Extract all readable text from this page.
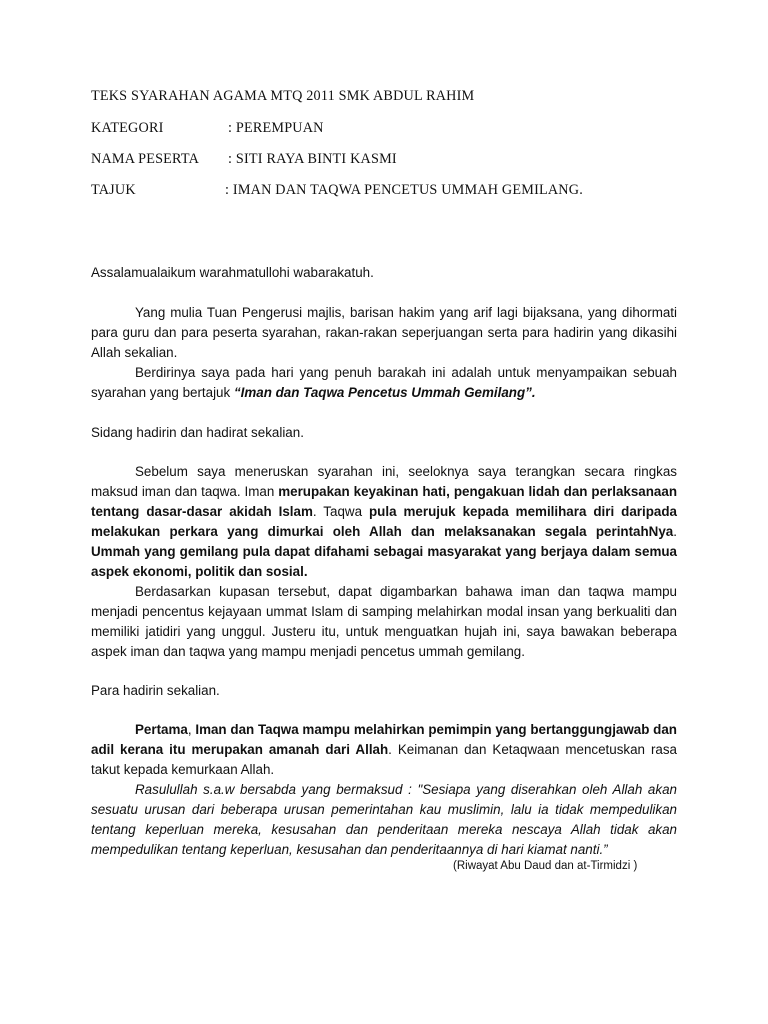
TEKS SYARAHAN AGAMA MTQ 2011 SMK ABDUL RAHIM
KATEGORI	: PEREMPUAN
NAMA PESERTA : SITI RAYA BINTI KASMI
TAJUK	: IMAN DAN TAQWA PENCETUS UMMAH GEMILANG.
Assalamualaikum warahmatullohi wabarakatuh.
Yang mulia Tuan Pengerusi majlis, barisan hakim yang arif lagi bijaksana, yang dihormati para guru dan para peserta syarahan, rakan-rakan seperjuangan serta para hadirin yang dikasihi Allah sekalian.
Berdirinya saya pada hari yang penuh barakah ini adalah untuk menyampaikan sebuah syarahan yang bertajuk “Iman dan Taqwa Pencetus Ummah Gemilang”.
Sidang hadirin dan hadirat sekalian.
Sebelum saya meneruskan syarahan ini, seeloknya saya terangkan secara ringkas maksud iman dan taqwa. Iman merupakan keyakinan hati, pengakuan lidah dan perlaksanaan tentang dasar-dasar akidah Islam. Taqwa pula merujuk kepada memilihara diri daripada melakukan perkara yang dimurkai oleh Allah dan melaksanakan segala perintahNya. Ummah yang gemilang pula dapat difahami sebagai masyarakat yang berjaya dalam semua aspek ekonomi, politik dan sosial.
Berdasarkan kupasan tersebut, dapat digambarkan bahawa iman dan taqwa mampu menjadi pencentus kejayaan ummat Islam di samping melahirkan modal insan yang berkualiti dan memiliki jatidiri yang unggul. Justeru itu, untuk menguatkan hujah ini, saya bawakan beberapa aspek iman dan taqwa yang mampu menjadi pencetus ummah gemilang.
Para hadirin sekalian.
Pertama, Iman dan Taqwa mampu melahirkan pemimpin yang bertanggungjawab dan adil kerana itu merupakan amanah dari Allah. Keimanan dan Ketaqwaan mencetuskan rasa takut kepada kemurkaan Allah.
Rasulullah s.a.w bersabda yang bermaksud : "Sesiapa yang diserahkan oleh Allah akan sesuatu urusan dari beberapa urusan pemerintahan kau muslimin, lalu ia tidak mempedulikan tentang keperluan mereka, kesusahan dan penderitaan mereka nescaya Allah tidak akan mempedulikan tentang keperluan, kesusahan dan penderitaannya di hari kiamat nanti.”
(Riwayat Abu Daud dan at-Tirmidzi )
